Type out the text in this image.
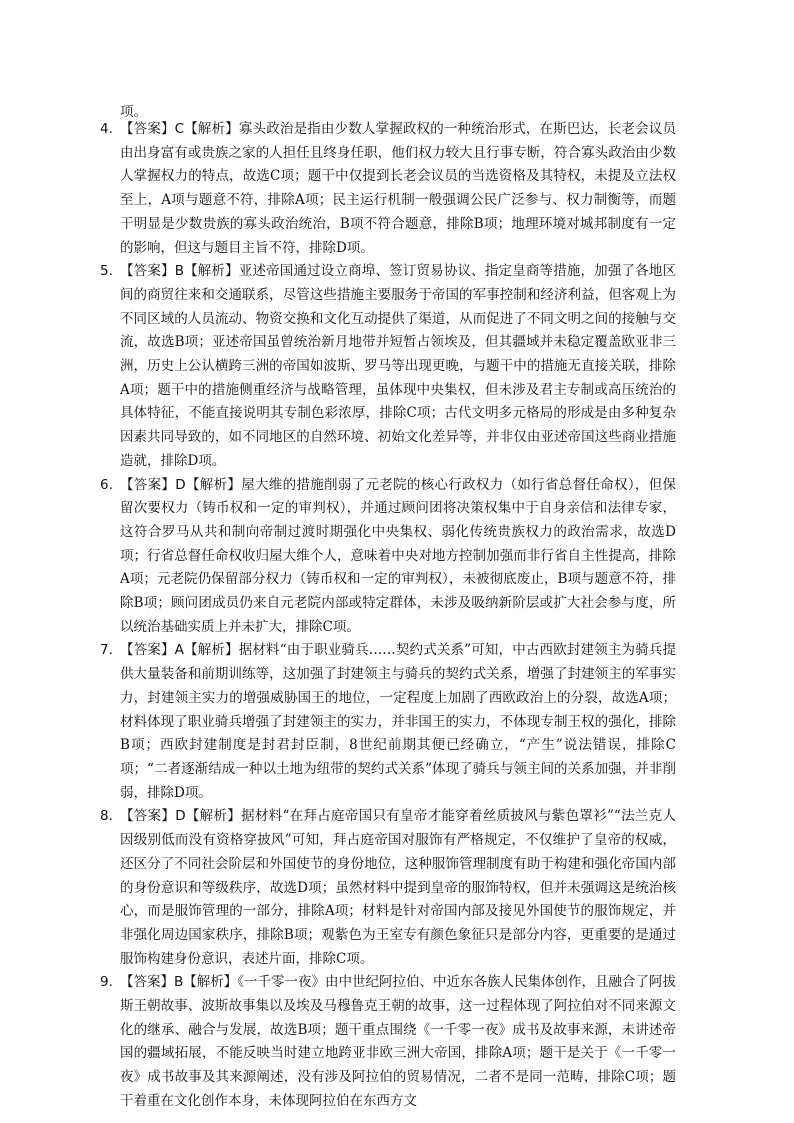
项。

4. 【答案】C【解析】寡头政治是指由少数人掌握政权的一种统治形式，在斯巴达，长老会议员由出身富有或贵族之家的人担任且终身任职，他们权力较大且行事专断，符合寡头政治由少数人掌握权力的特点，故选C项；题干中仅提到长老会议员的当选资格及其特权，未提及立法权至上，A项与题意不符，排除A项；民主运行机制一般强调公民广泛参与、权力制衡等，而题干明显是少数贵族的寡头政治统治，B项不符合题意，排除B项；地理环境对城邦制度有一定的影响，但这与题目主旨不符，排除D项。
5. 【答案】B【解析】亚述帝国通过设立商埠、签订贸易协议、指定皇商等措施，加强了各地区间的商贸往来和交通联系，尽管这些措施主要服务于帝国的军事控制和经济利益，但客观上为不同区域的人员流动、物资交换和文化互动提供了渠道，从而促进了不同文明之间的接触与交流，故选B项；亚述帝国虽曾统治新月地带并短暂占领埃及，但其疆域并未稳定覆盖欧亚非三洲，历史上公认横跨三洲的帝国如波斯、罗马等出现更晚，与题干中的措施无直接关联，排除A项；题干中的措施侧重经济与战略管理，虽体现中央集权，但未涉及君主专制或高压统治的具体特征，不能直接说明其专制色彩浓厚，排除C项；古代文明多元格局的形成是由多种复杂因素共同导致的，如不同地区的自然环境、初始文化差异等，并非仅由亚述帝国这些商业措施造就，排除D项。
6. 【答案】D【解析】屋大维的措施削弱了元老院的核心行政权力（如行省总督任命权），但保留次要权力（铸币权和一定的审判权），并通过顾问团将决策权集中于自身亲信和法律专家，这符合罗马从共和制向帝制过渡时期强化中央集权、弱化传统贵族权力的政治需求，故选D项；行省总督任命权收归屋大维个人，意味着中央对地方控制加强而非行省自主性提高，排除A项；元老院仍保留部分权力（铸币权和一定的审判权），未被彻底废止，B项与题意不符，排除B项；顾问团成员仍来自元老院内部或特定群体，未涉及吸纳新阶层或扩大社会参与度，所以统治基础实质上并未扩大，排除C项。
7. 【答案】A【解析】据材料“由于职业骑兵……契约式关系”可知，中古西欧封建领主为骑兵提供大量装备和前期训练等，这加强了封建领主与骑兵的契约式关系，增强了封建领主的军事实力，封建领主实力的增强威胁国王的地位，一定程度上加剧了西欧政治上的分裂，故选A项；材料体现了职业骑兵增强了封建领主的实力，并非国王的实力，不体现专制王权的强化，排除B项；西欧封建制度是封君封臣制，8世纪前期其便已经确立，“产生”说法错误，排除C项；“二者逐渐结成一种以土地为纽带的契约式关系”体现了骑兵与领主间的关系加强，并非削弱，排除D项。
8. 【答案】D【解析】据材料“在拜占庭帝国只有皇帝才能穿着丝质披风与紫色罩衫”“法兰克人因级别低而没有资格穿披风”可知，拜占庭帝国对服饰有严格规定，不仅维护了皇帝的权威，还区分了不同社会阶层和外国使节的身份地位，这种服饰管理制度有助于构建和强化帝国内部的身份意识和等级秩序，故选D项；虽然材料中提到皇帝的服饰特权，但并未强调这是统治核心，而是服饰管理的一部分，排除A项；材料是针对帝国内部及接见外国使节的服饰规定，并非强化周边国家秩序，排除B项；观紫色为王室专有颜色象征只是部分内容，更重要的是通过服饰构建身份意识，表述片面，排除C项。
9. 【答案】B【解析】《一千零一夜》由中世纪阿拉伯、中近东各族人民集体创作，且融合了阿拔斯王朝故事、波斯故事集以及埃及马穆鲁克王朝的故事，这一过程体现了阿拉伯对不同来源文化的继承、融合与发展，故选B项；题干重点围绕《一千零一夜》成书及故事来源，未讲述帝国的疆域拓展，不能反映当时建立地跨亚非欧三洲大帝国，排除A项；题干是关于《一千零一夜》成书故事及其来源阐述，没有涉及阿拉伯的贸易情况，二者不是同一范畴，排除C项；题干着重在文化创作本身，未体现阿拉伯在东西方文
